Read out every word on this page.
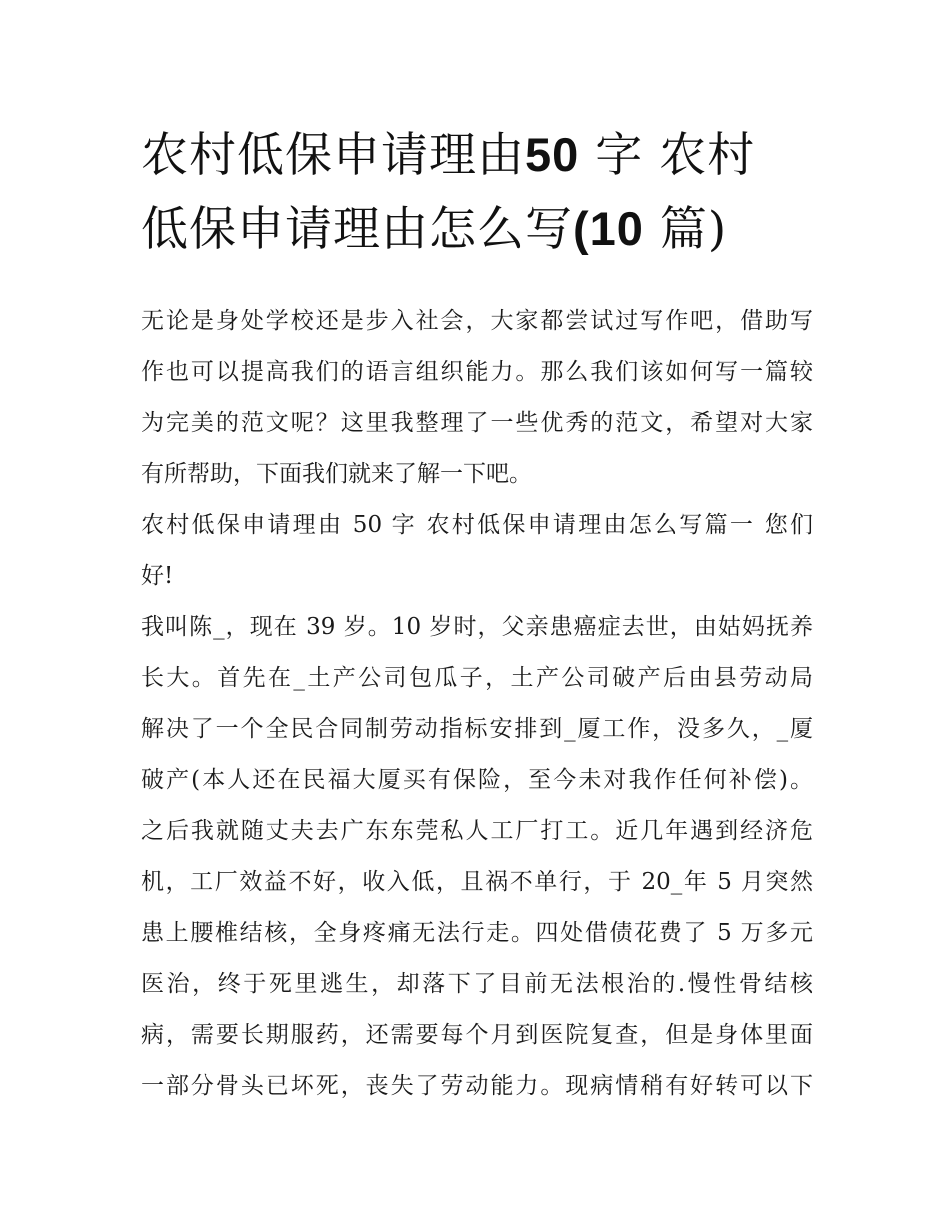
农村低保申请理由50 字 农村
低保申请理由怎么写(10 篇)
无论是身处学校还是步入社会，大家都尝试过写作吧，借助写
作也可以提高我们的语言组织能力。那么我们该如何写一篇较
为完美的范文呢？这里我整理了一些优秀的范文，希望对大家
有所帮助，下面我们就来了解一下吧。
农村低保申请理由 50 字 农村低保申请理由怎么写篇一 您们
好!
我叫陈_，现在 39 岁。10 岁时，父亲患癌症去世，由姑妈抚养
长大。首先在_土产公司包瓜子，土产公司破产后由县劳动局
解决了一个全民合同制劳动指标安排到_厦工作，没多久，_厦
破产(本人还在民福大厦买有保险，至今未对我作任何补偿)。
之后我就随丈夫去广东东莞私人工厂打工。近几年遇到经济危
机，工厂效益不好，收入低，且祸不单行，于 20_年 5 月突然
患上腰椎结核，全身疼痛无法行走。四处借债花费了 5 万多元
医治，终于死里逃生，却落下了目前无法根治的.慢性骨结核
病，需要长期服药，还需要每个月到医院复查，但是身体里面
一部分骨头已坏死，丧失了劳动能力。现病情稍有好转可以下
